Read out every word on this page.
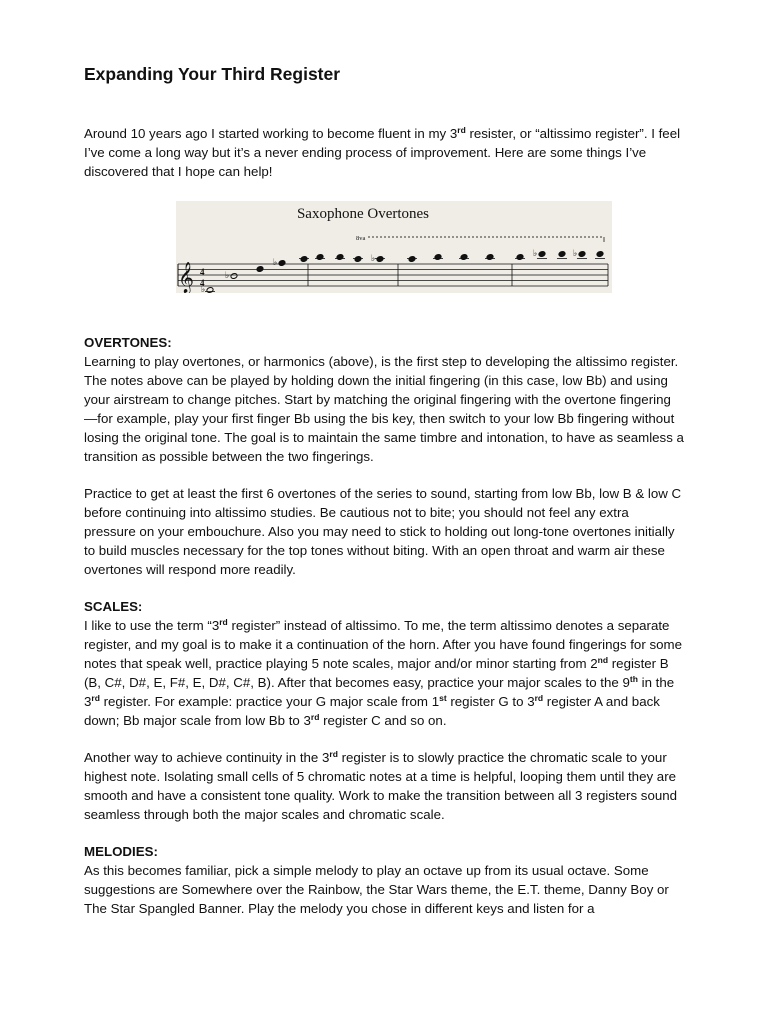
Expanding Your Third Register

Around 10 years ago I started working to become fluent in my 3rd resister, or “altissimo register”. I feel I’ve come a long way but it’s a never ending process of improvement. Here are some things I’ve discovered that I hope can help!

Saxophone Overtones
8va
𝄞 4
4
♭
♭
♭	♭	♭	♭

OVERTONES:

Learning to play overtones, or harmonics (above), is the first step to developing the altissimo register. The notes above can be played by holding down the initial fingering (in this case, low Bb) and using your airstream to change pitches. Start by matching the original fingering with the overtone fingering—for example, play your first finger Bb using the bis key, then switch to your low Bb fingering without losing the original tone. The goal is to maintain the same timbre and intonation, to have as seamless a transition as possible between the two fingerings.

Practice to get at least the first 6 overtones of the series to sound, starting from low Bb, low B & low C before continuing into altissimo studies. Be cautious not to bite; you should not feel any extra pressure on your embouchure. Also you may need to stick to holding out long-tone overtones initially to build muscles necessary for the top tones without biting. With an open throat and warm air these overtones will respond more readily.

SCALES:

I like to use the term “3rd register” instead of altissimo. To me, the term altissimo denotes a separate register, and my goal is to make it a continuation of the horn. After you have found fingerings for some notes that speak well, practice playing 5 note scales, major and/or minor starting from 2nd register B (B, C#, D#, E, F#, E, D#, C#, B). After that becomes easy, practice your major scales to the 9th in the 3rd register. For example: practice your G major scale from 1st register G to 3rd register A and back down; Bb major scale from low Bb to 3rd register C and so on.

Another way to achieve continuity in the 3rd register is to slowly practice the chromatic scale to your highest note. Isolating small cells of 5 chromatic notes at a time is helpful, looping them until they are smooth and have a consistent tone quality. Work to make the transition between all 3 registers sound seamless through both the major scales and chromatic scale.

MELODIES:

As this becomes familiar, pick a simple melody to play an octave up from its usual octave. Some suggestions are Somewhere over the Rainbow, the Star Wars theme, the E.T. theme, Danny Boy or The Star Spangled Banner. Play the melody you chose in different keys and listen for a
